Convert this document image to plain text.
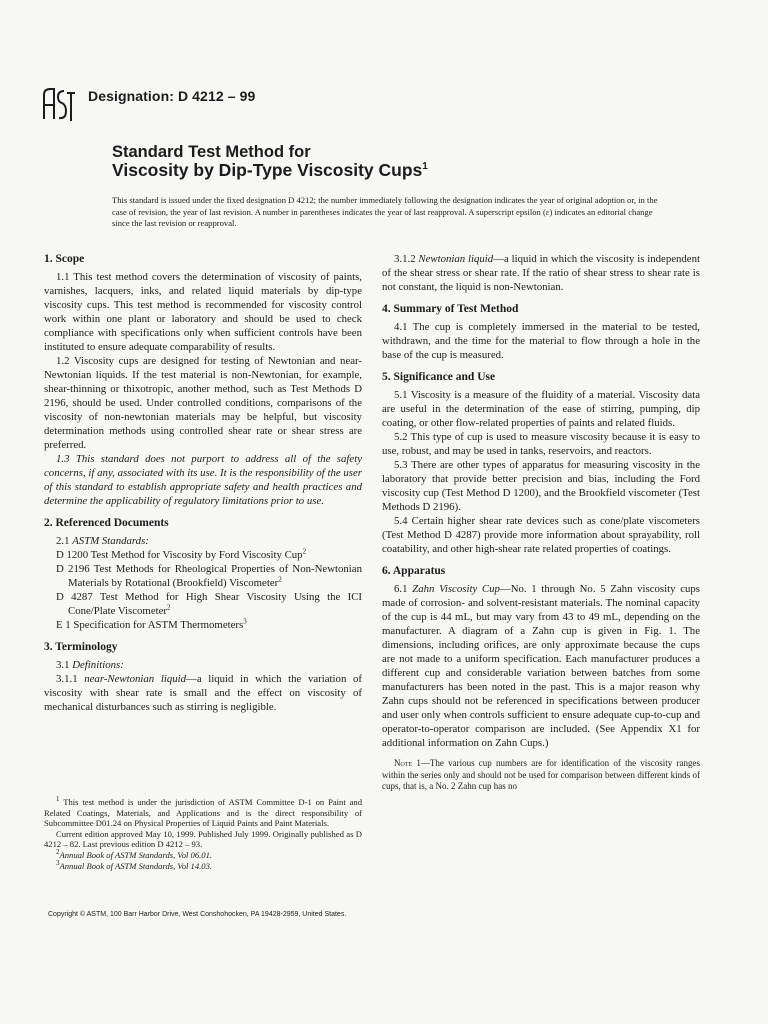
Designation: D 4212 – 99
Standard Test Method for
Viscosity by Dip-Type Viscosity Cups$^1$
This standard is issued under the fixed designation D 4212; the number immediately following the designation indicates the year of original adoption or, in the case of revision, the year of last revision. A number in parentheses indicates the year of last reapproval. A superscript epsilon (ε) indicates an editorial change since the last revision or reapproval.

1. Scope

1.1 This test method covers the determination of viscosity of paints, varnishes, lacquers, inks, and related liquid materials by dip-type viscosity cups. This test method is recommended for viscosity control work within one plant or laboratory and should be used to check compliance with specifications only when sufficient controls have been instituted to ensure adequate comparability of results.

1.2 Viscosity cups are designed for testing of Newtonian and near-Newtonian liquids. If the test material is non-Newtonian, for example, shear-thinning or thixotropic, another method, such as Test Methods D 2196, should be used. Under controlled conditions, comparisons of the viscosity of non-newtonian materials may be helpful, but viscosity determination methods using controlled shear rate or shear stress are preferred.

1.3 This standard does not purport to address all of the safety concerns, if any, associated with its use. It is the responsibility of the user of this standard to establish appropriate safety and health practices and determine the applicability of regulatory limitations prior to use.

2. Referenced Documents

2.1 ASTM Standards:

D 1200 Test Method for Viscosity by Ford Viscosity Cup$^2$

D 2196 Test Methods for Rheological Properties of Non-Newtonian Materials by Rotational (Brookfield) Viscometer$^2$

D 4287 Test Method for High Shear Viscosity Using the ICI Cone/Plate Viscometer$^2$

E 1 Specification for ASTM Thermometers$^3$

3. Terminology

3.1 Definitions:

3.1.1 near-Newtonian liquid—a liquid in which the variation of viscosity with shear rate is small and the effect on viscosity of mechanical disturbances such as stirring is negligible.

$^1$ This test method is under the jurisdiction of ASTM Committee D-1 on Paint and Related Coatings, Materials, and Applications and is the direct responsibility of Subcommittee D01.24 on Physical Properties of Liquid Paints and Paint Materials.

Current edition approved May 10, 1999. Published July 1999. Originally published as D 4212 – 82. Last previous edition D 4212 – 93.

$^2$Annual Book of ASTM Standards, Vol 06.01.

$^3$Annual Book of ASTM Standards, Vol 14.03.

3.1.2 Newtonian liquid—a liquid in which the viscosity is independent of the shear stress or shear rate. If the ratio of shear stress to shear rate is not constant, the liquid is non-Newtonian.

4. Summary of Test Method

4.1 The cup is completely immersed in the material to be tested, withdrawn, and the time for the material to flow through a hole in the base of the cup is measured.

5. Significance and Use

5.1 Viscosity is a measure of the fluidity of a material. Viscosity data are useful in the determination of the ease of stirring, pumping, dip coating, or other flow-related properties of paints and related fluids.

5.2 This type of cup is used to measure viscosity because it is easy to use, robust, and may be used in tanks, reservoirs, and reactors.

5.3 There are other types of apparatus for measuring viscosity in the laboratory that provide better precision and bias, including the Ford viscosity cup (Test Method D 1200), and the Brookfield viscometer (Test Methods D 2196).

5.4 Certain higher shear rate devices such as cone/plate viscometers (Test Method D 4287) provide more information about sprayability, roll coatability, and other high-shear rate related properties of coatings.

6. Apparatus

6.1 Zahn Viscosity Cup—No. 1 through No. 5 Zahn viscosity cups made of corrosion- and solvent-resistant materials. The nominal capacity of the cup is 44 mL, but may vary from 43 to 49 mL, depending on the manufacturer. A diagram of a Zahn cup is given in Fig. 1. The dimensions, including orifices, are only approximate because the cups are not made to a uniform specification. Each manufacturer produces a different cup and considerable variation between batches from some manufacturers has been noted in the past. This is a major reason why Zahn cups should not be referenced in specifications between producer and user only when controls sufficient to ensure adequate cup-to-cup and operator-to-operator comparison are included. (See Appendix X1 for additional information on Zahn Cups.)

Note 1—The various cup numbers are for identification of the viscosity ranges within the series only and should not be used for comparison between different kinds of cups, that is, a No. 2 Zahn cup has no

Copyright © ASTM, 100 Barr Harbor Drive, West Conshohocken, PA 19428-2959, United States.
